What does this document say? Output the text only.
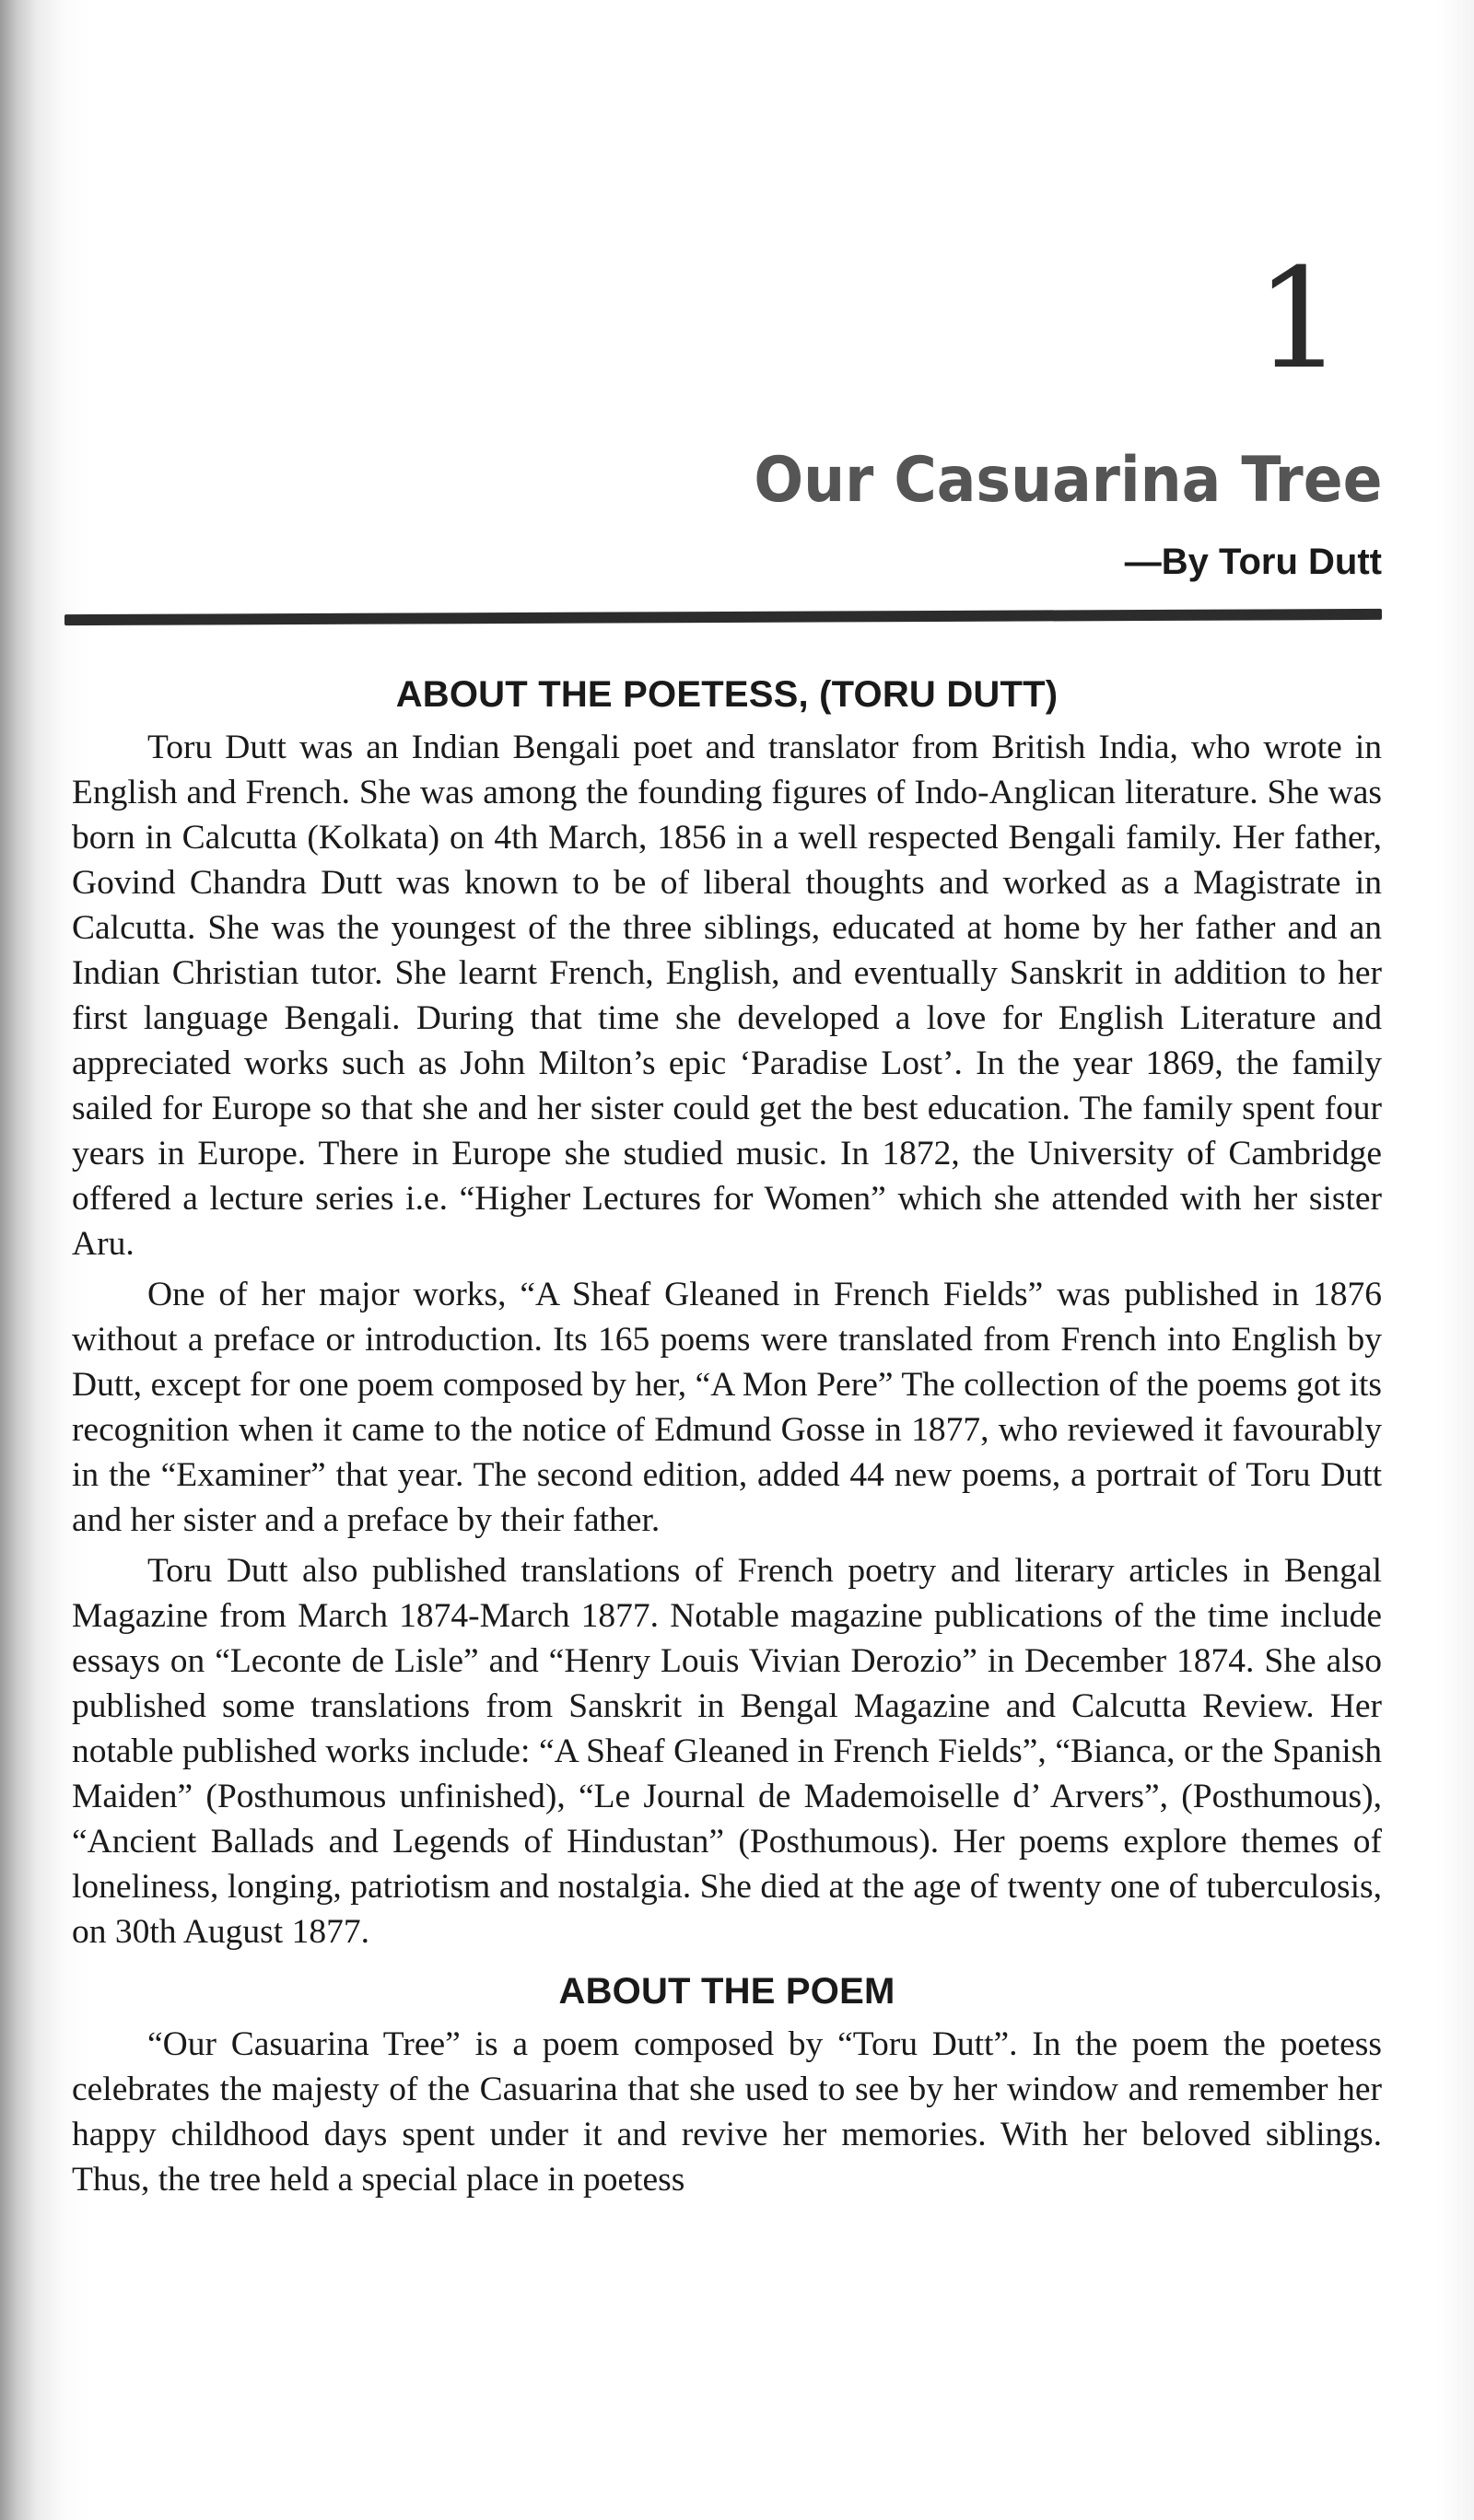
1
Our Casuarina Tree
—By Toru Dutt
ABOUT THE POETESS, (TORU DUTT)

Toru Dutt was an Indian Bengali poet and translator from British India, who wrote in English and French. She was among the founding figures of Indo-Anglican literature. She was born in Calcutta (Kolkata) on 4th March, 1856 in a well respected Bengali family. Her father, Govind Chandra Dutt was known to be of liberal thoughts and worked as a Magistrate in Calcutta. She was the youngest of the three siblings, educated at home by her father and an Indian Christian tutor. She learnt French, English, and eventually Sanskrit in addition to her first language Bengali. During that time she developed a love for English Literature and appreciated works such as John Milton’s epic ‘Paradise Lost’. In the year 1869, the family sailed for Europe so that she and her sister could get the best education. The family spent four years in Europe. There in Europe she studied music. In 1872, the University of Cambridge offered a lecture series i.e. “Higher Lectures for Women” which she attended with her sister Aru.

One of her major works, “A Sheaf Gleaned in French Fields” was published in 1876 without a preface or introduction. Its 165 poems were translated from French into English by Dutt, except for one poem composed by her, “A Mon Pere” The collection of the poems got its recognition when it came to the notice of Edmund Gosse in 1877, who reviewed it favourably in the “Examiner” that year. The second edition, added 44 new poems, a portrait of Toru Dutt and her sister and a preface by their father.

Toru Dutt also published translations of French poetry and literary articles in Bengal Magazine from March 1874-March 1877. Notable magazine publications of the time include essays on “Leconte de Lisle” and “Henry Louis Vivian Derozio” in December 1874. She also published some translations from Sanskrit in Bengal Magazine and Calcutta Review. Her notable published works include: “A Sheaf Gleaned in French Fields”, “Bianca, or the Spanish Maiden” (Posthumous unfinished), “Le Journal de Mademoiselle d’ Arvers”, (Posthumous), “Ancient Ballads and Legends of Hindustan” (Posthumous). Her poems explore themes of loneliness, longing, patriotism and nostalgia. She died at the age of twenty one of tuberculosis, on 30th August 1877.

ABOUT THE POEM

“Our Casuarina Tree” is a poem composed by “Toru Dutt”. In the poem the poetess celebrates the majesty of the Casuarina that she used to see by her window and remember her happy childhood days spent under it and revive her memories. With her beloved siblings. Thus, the tree held a special place in poetess
